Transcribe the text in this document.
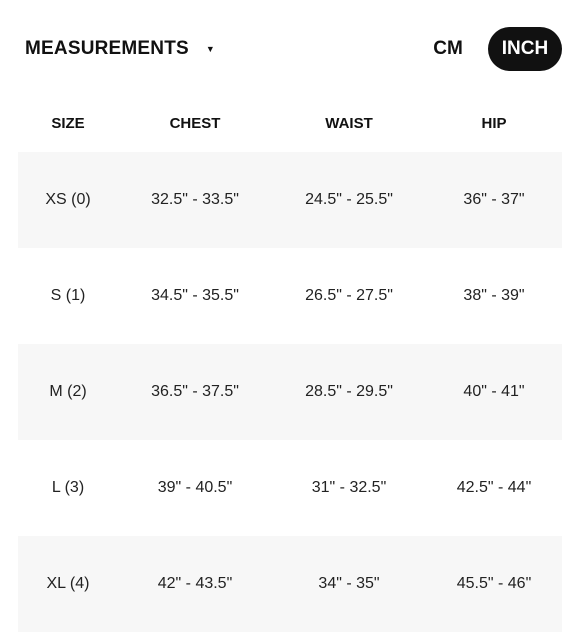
MEASUREMENTS ▼	CM	INCH
SIZE	CHEST	WAIST	HIP
XS (0)	32.5" - 33.5"	24.5" - 25.5"	36" - 37"
S (1)	34.5" - 35.5"	26.5" - 27.5"	38" - 39"
M (2)	36.5" - 37.5"	28.5" - 29.5"	40" - 41"
L (3)	39" - 40.5"	31" - 32.5"	42.5" - 44"
XL (4)	42" - 43.5"	34" - 35"	45.5" - 46"
